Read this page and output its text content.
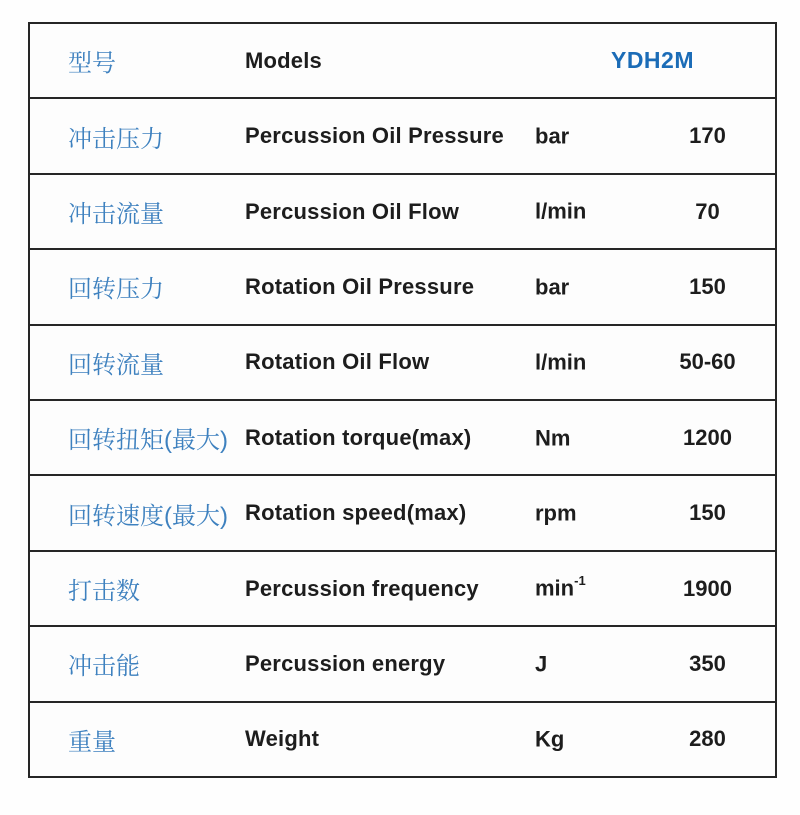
型号	Models	YDH2M
冲击压力	Percussion Oil Pressure	bar	170
冲击流量	Percussion Oil Flow	l/min	70
回转压力	Rotation Oil Pressure	bar	150
回转流量	Rotation Oil Flow	l/min	50-60
回转扭矩(最大) Rotation torque(max)	Nm	1200
回转速度(最大) Rotation speed(max)	rpm	150
打击数	Percussion frequency	$\min^{-1}$	1900
冲击能	Percussion energy	J	350
重量	Weight	Kg	280
